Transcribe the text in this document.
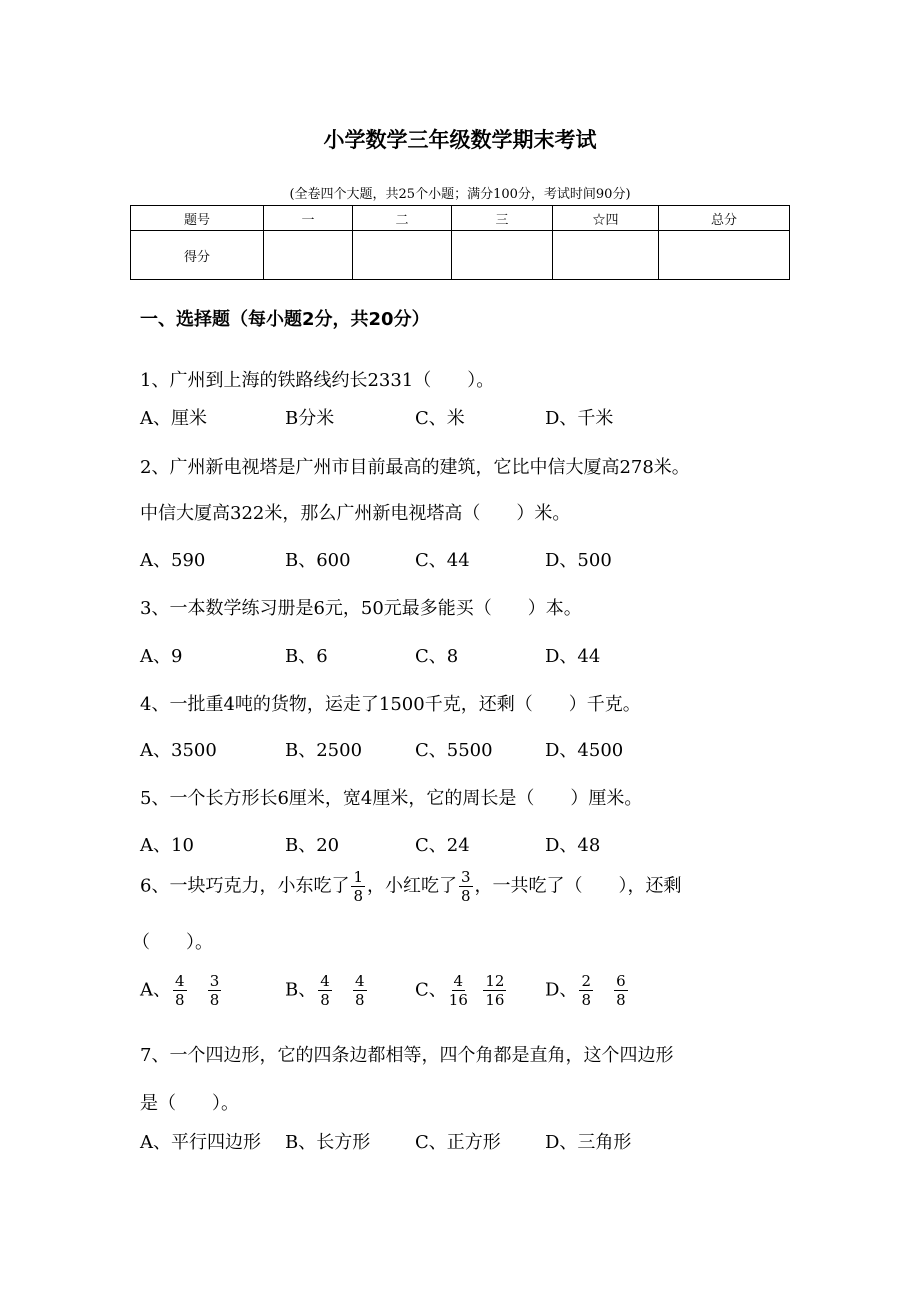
小学数学三年级数学期末考试
(全卷四个大题，共25个小题；满分100分，考试时间90分)
题号	一	二	三	☆四	总分
得分					
一、选择题（每小题2分，共20分）
1、广州到上海的铁路线约长2331（　　）。
A、厘米	B分米	C、米	D、千米
2、广州新电视塔是广州市目前最高的建筑，它比中信大厦高278米。
中信大厦高322米，那么广州新电视塔高（　　）米。
A、590	B、600	C、44	D、500
3、一本数学练习册是6元，50元最多能买（　　）本。
A、9	B、6	C、8	D、44
4、一批重4吨的货物，运走了1500千克，还剩（　　）千克。
A、3500	B、2500	C、5500	D、4500
5、一个长方形长6厘米，宽4厘米，它的周长是（　　）厘米。
A、10	B、20	C、24	D、48
6、一块巧克力，小东吃了 $\frac{1}{8}$ ，小红吃了 $\frac{3}{8}$ ，一共吃了（　　），还剩
（　　）。
A、 $\frac{4}{8}$
$\frac{3}{8}$	B、 $\frac{4}{8}$
$\frac{4}{8}$	C、 $\frac{4}{16}$
$\frac{12}{16}$ D、 $\frac{2}{8}$
$\frac{6}{8}$
7、一个四边形，它的四条边都相等，四个角都是直角，这个四边形
是（　　）。
A、平行四边形 B、长方形 C、正方形 D、三角形
